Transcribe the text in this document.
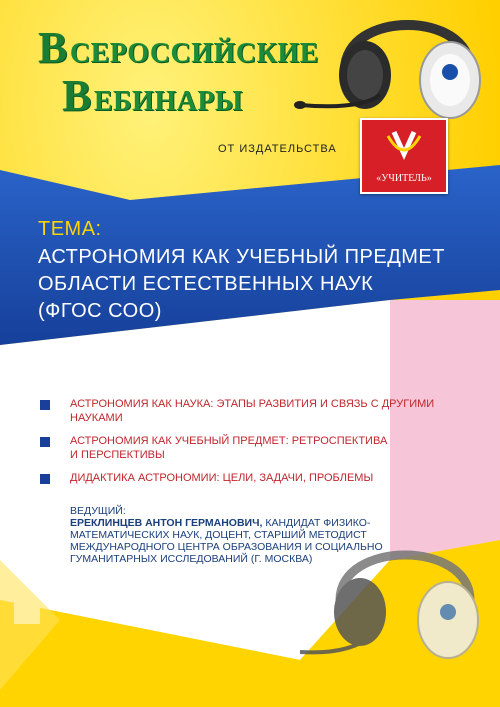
ВСЕРОССИЙСКИЕ
ВЕБИНАРЫ
ОТ ИЗДАТЕЛЬСТВА
«УЧИТЕЛЬ»
ТЕМА:
АСТРОНОМИЯ КАК УЧЕБНЫЙ ПРЕДМЕТ
ОБЛАСТИ ЕСТЕСТВЕННЫХ НАУК
(ФГОС СОО)
АСТРОНОМИЯ КАК НАУКА: ЭТАПЫ РАЗВИТИЯ И СВЯЗЬ С ДРУГИМИ
НАУКАМИ
АСТРОНОМИЯ КАК УЧЕБНЫЙ ПРЕДМЕТ: РЕТРОСПЕКТИВА
И ПЕРСПЕКТИВЫ
ДИДАКТИКА АСТРОНОМИИ: ЦЕЛИ, ЗАДАЧИ, ПРОБЛЕМЫ
ВЕДУЩИЙ:
ЕРЕКЛИНЦЕВ АНТОН ГЕРМАНОВИЧ, КАНДИДАТ ФИЗИКО-
МАТЕМАТИЧЕСКИХ НАУК, ДОЦЕНТ, СТАРШИЙ МЕТОДИСТ
МЕЖДУНАРОДНОГО ЦЕНТРА ОБРАЗОВАНИЯ И СОЦИАЛЬНО
ГУМАНИТАРНЫХ ИССЛЕДОВАНИЙ (Г. МОСКВА)
